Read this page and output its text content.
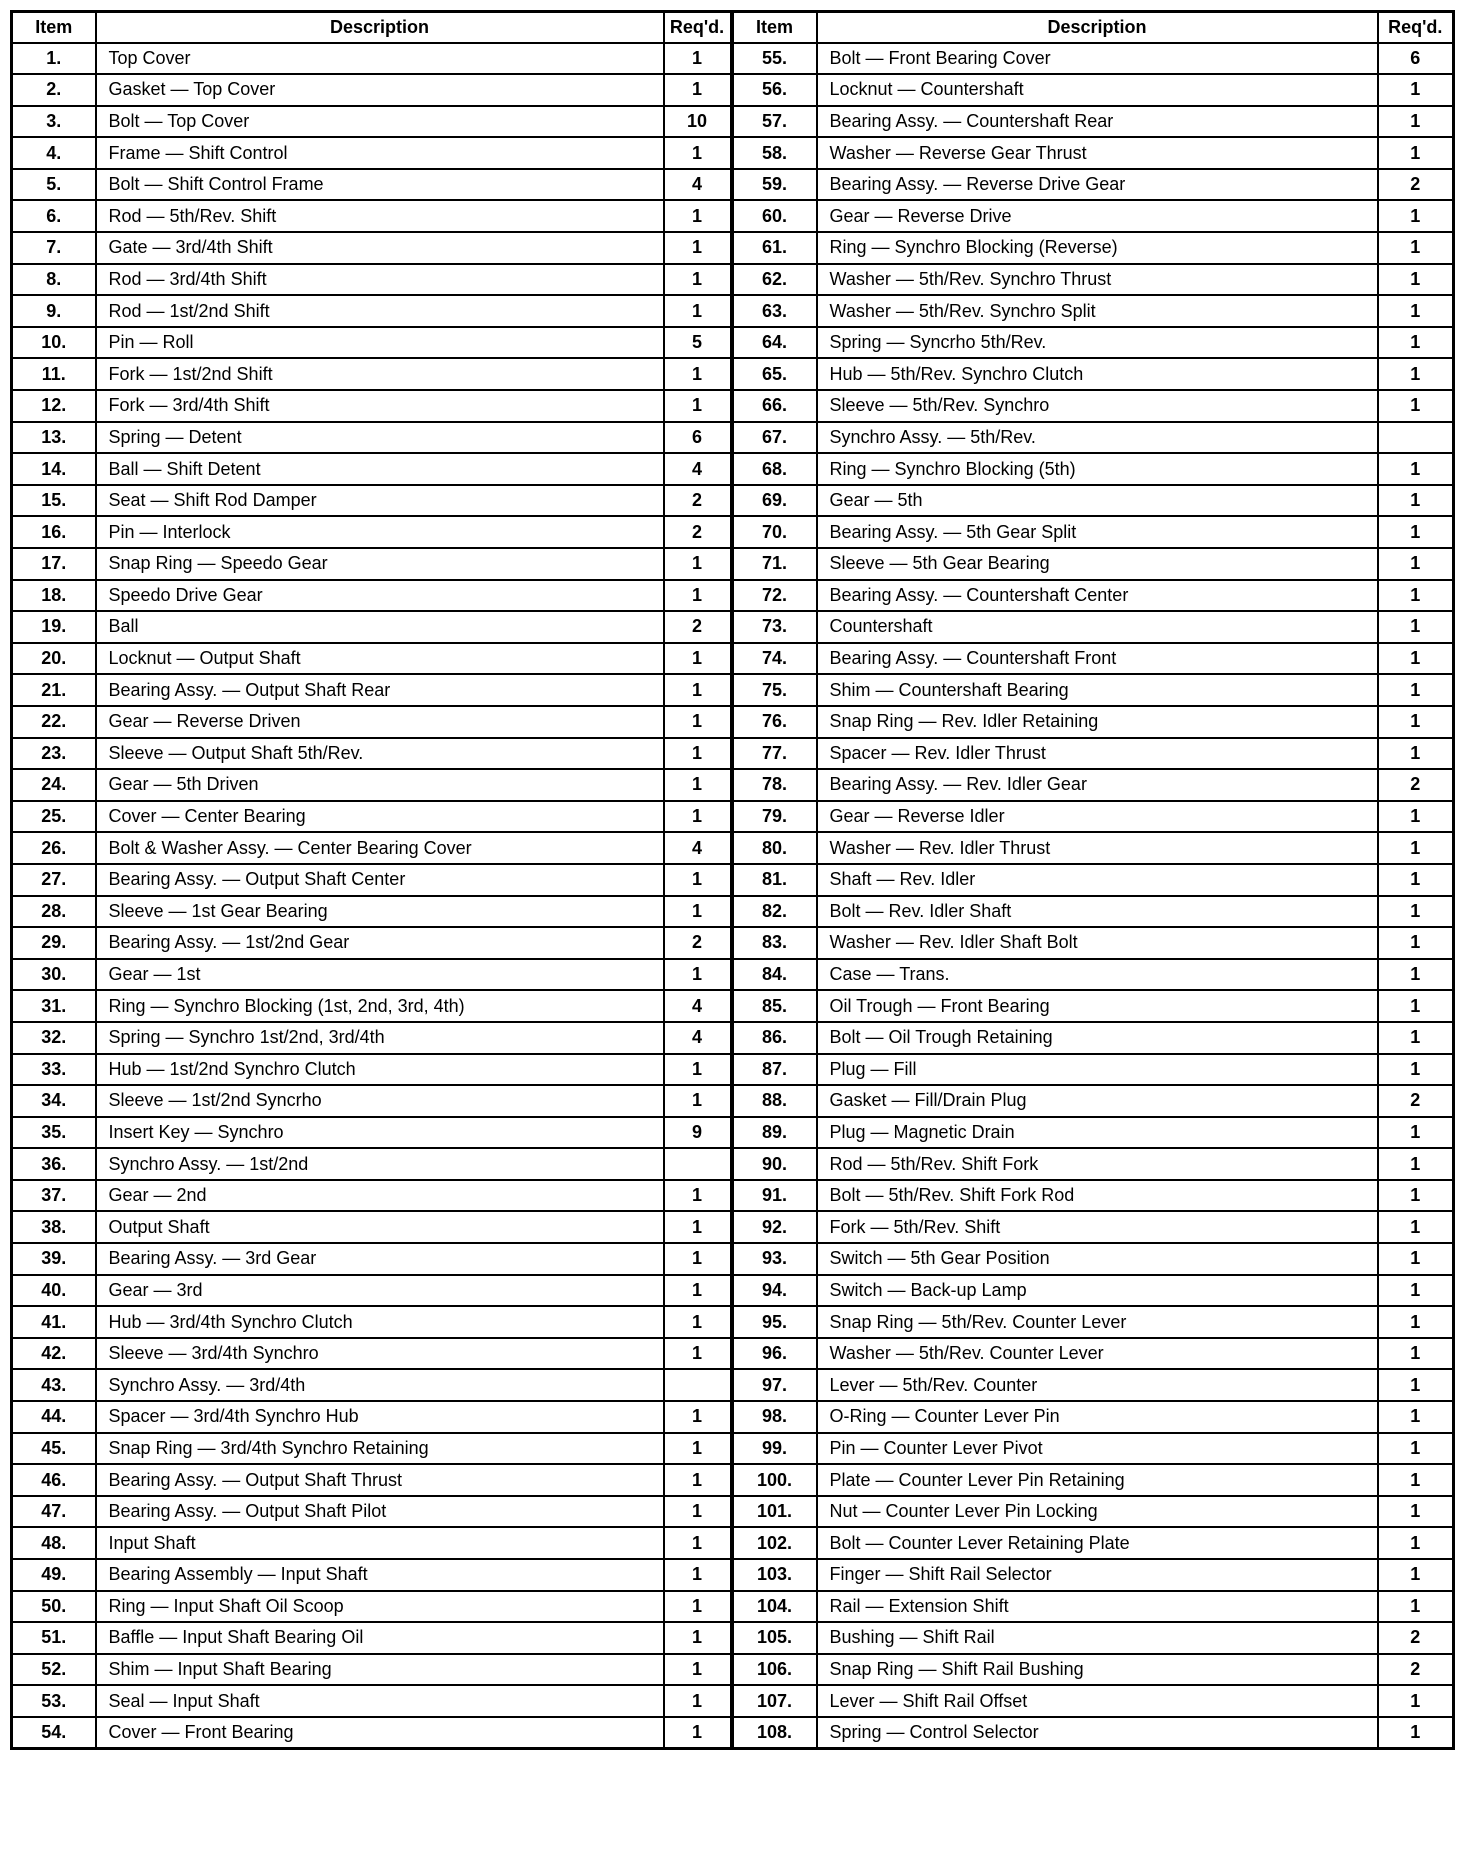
Item	Description	Req'd.	Item	Description	Req'd.
1.	Top Cover	1	55.	Bolt — Front Bearing Cover	6
2.	Gasket — Top Cover	1	56.	Locknut — Countershaft	1
3.	Bolt — Top Cover	10	57.	Bearing Assy. — Countershaft Rear	1
4.	Frame — Shift Control	1	58.	Washer — Reverse Gear Thrust	1
5.	Bolt — Shift Control Frame	4	59.	Bearing Assy. — Reverse Drive Gear	2
6.	Rod — 5th/Rev. Shift	1	60.	Gear — Reverse Drive	1
7.	Gate — 3rd/4th Shift	1	61.	Ring — Synchro Blocking (Reverse)	1
8.	Rod — 3rd/4th Shift	1	62.	Washer — 5th/Rev. Synchro Thrust	1
9.	Rod — 1st/2nd Shift	1	63.	Washer — 5th/Rev. Synchro Split	1
10.	Pin — Roll	5	64.	Spring — Syncrho 5th/Rev.	1
11.	Fork — 1st/2nd Shift	1	65.	Hub — 5th/Rev. Synchro Clutch	1
12.	Fork — 3rd/4th Shift	1	66.	Sleeve — 5th/Rev. Synchro	1
13.	Spring — Detent	6	67.	Synchro Assy. — 5th/Rev.	
14.	Ball — Shift Detent	4	68.	Ring — Synchro Blocking (5th)	1
15.	Seat — Shift Rod Damper	2	69.	Gear — 5th	1
16.	Pin — Interlock	2	70.	Bearing Assy. — 5th Gear Split	1
17.	Snap Ring — Speedo Gear	1	71.	Sleeve — 5th Gear Bearing	1
18.	Speedo Drive Gear	1	72.	Bearing Assy. — Countershaft Center	1
19.	Ball	2	73.	Countershaft	1
20.	Locknut — Output Shaft	1	74.	Bearing Assy. — Countershaft Front	1
21.	Bearing Assy. — Output Shaft Rear	1	75.	Shim — Countershaft Bearing	1
22.	Gear — Reverse Driven	1	76.	Snap Ring — Rev. Idler Retaining	1
23.	Sleeve — Output Shaft 5th/Rev.	1	77.	Spacer — Rev. Idler Thrust	1
24.	Gear — 5th Driven	1	78.	Bearing Assy. — Rev. Idler Gear	2
25.	Cover — Center Bearing	1	79.	Gear — Reverse Idler	1
26.	Bolt & Washer Assy. — Center Bearing Cover	4	80.	Washer — Rev. Idler Thrust	1
27.	Bearing Assy. — Output Shaft Center	1	81.	Shaft — Rev. Idler	1
28.	Sleeve — 1st Gear Bearing	1	82.	Bolt — Rev. Idler Shaft	1
29.	Bearing Assy. — 1st/2nd Gear	2	83.	Washer — Rev. Idler Shaft Bolt	1
30.	Gear — 1st	1	84.	Case — Trans.	1
31.	Ring — Synchro Blocking (1st, 2nd, 3rd, 4th)	4	85.	Oil Trough — Front Bearing	1
32.	Spring — Synchro 1st/2nd, 3rd/4th	4	86.	Bolt — Oil Trough Retaining	1
33.	Hub — 1st/2nd Synchro Clutch	1	87.	Plug — Fill	1
34.	Sleeve — 1st/2nd Syncrho	1	88.	Gasket — Fill/Drain Plug	2
35.	Insert Key — Synchro	9	89.	Plug — Magnetic Drain	1
36.	Synchro Assy. — 1st/2nd		90.	Rod — 5th/Rev. Shift Fork	1
37.	Gear — 2nd	1	91.	Bolt — 5th/Rev. Shift Fork Rod	1
38.	Output Shaft	1	92.	Fork — 5th/Rev. Shift	1
39.	Bearing Assy. — 3rd Gear	1	93.	Switch — 5th Gear Position	1
40.	Gear — 3rd	1	94.	Switch — Back-up Lamp	1
41.	Hub — 3rd/4th Synchro Clutch	1	95.	Snap Ring — 5th/Rev. Counter Lever	1
42.	Sleeve — 3rd/4th Synchro	1	96.	Washer — 5th/Rev. Counter Lever	1
43.	Synchro Assy. — 3rd/4th		97.	Lever — 5th/Rev. Counter	1
44.	Spacer — 3rd/4th Synchro Hub	1	98.	O-Ring — Counter Lever Pin	1
45.	Snap Ring — 3rd/4th Synchro Retaining	1	99.	Pin — Counter Lever Pivot	1
46.	Bearing Assy. — Output Shaft Thrust	1	100.	Plate — Counter Lever Pin Retaining	1
47.	Bearing Assy. — Output Shaft Pilot	1	101.	Nut — Counter Lever Pin Locking	1
48.	Input Shaft	1	102.	Bolt — Counter Lever Retaining Plate	1
49.	Bearing Assembly — Input Shaft	1	103.	Finger — Shift Rail Selector	1
50.	Ring — Input Shaft Oil Scoop	1	104.	Rail — Extension Shift	1
51.	Baffle — Input Shaft Bearing Oil	1	105.	Bushing — Shift Rail	2
52.	Shim — Input Shaft Bearing	1	106.	Snap Ring — Shift Rail Bushing	2
53.	Seal — Input Shaft	1	107.	Lever — Shift Rail Offset	1
54.	Cover — Front Bearing	1	108.	Spring — Control Selector	1
